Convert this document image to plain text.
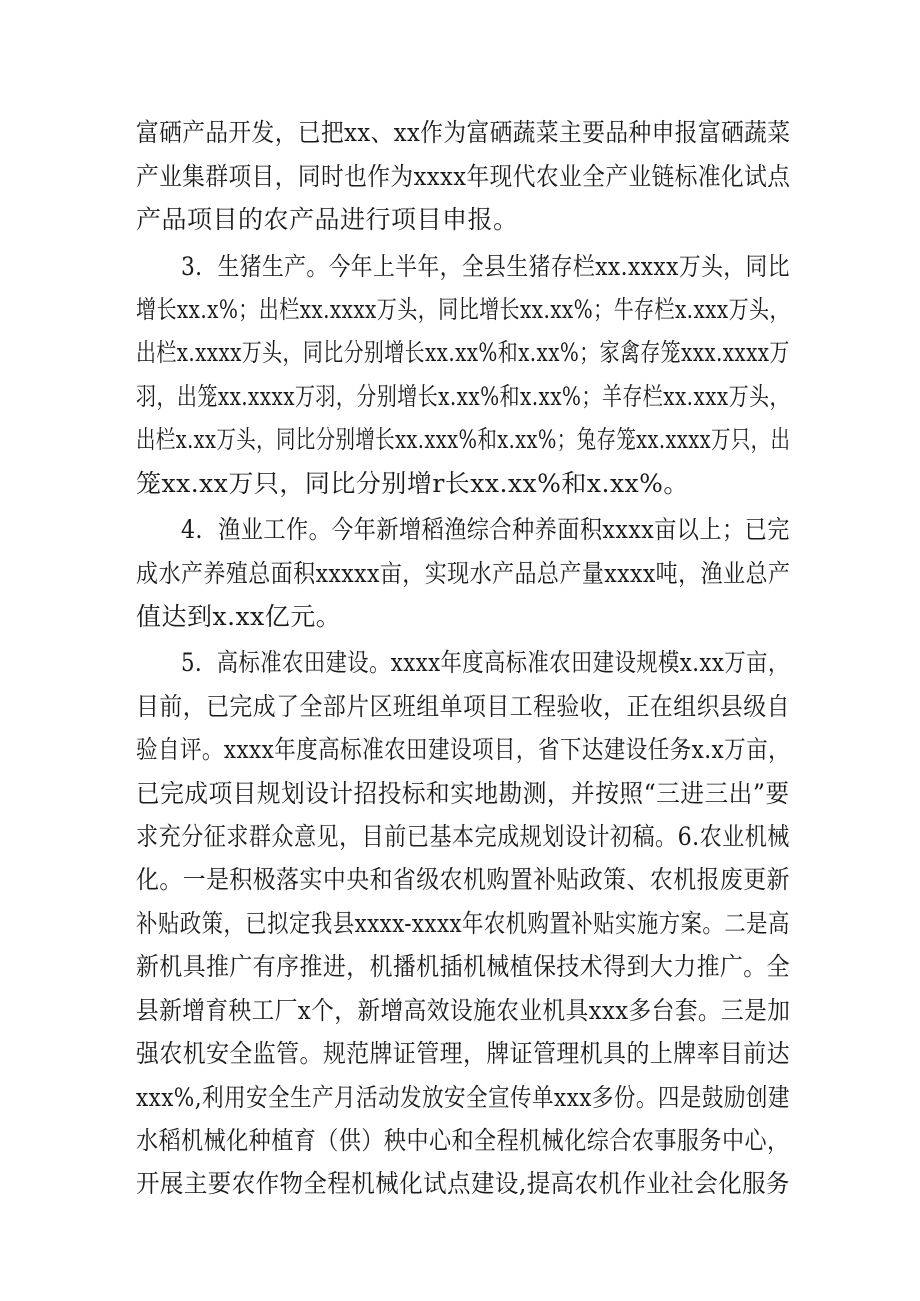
富硒产品开发，已把xx、xx作为富硒蔬菜主要品种申报富硒蔬菜
产业集群项目，同时也作为xxxx年现代农业全产业链标准化试点
产品项目的农产品进行项目申报。
3．生猪生产。今年上半年，全县生猪存栏xx.xxxx万头，同比
增长xx.x%；出栏xx.xxxx万头，同比增长xx.xx%；牛存栏x.xxx万头，
出栏x.xxxx万头，同比分别增长xx.xx%和x.xx%；家禽存笼xxx.xxxx万
羽，出笼xx.xxxx万羽，分别增长x.xx%和x.xx%；羊存栏xx.xxx万头，
出栏x.xx万头，同比分别增长xx.xxx%和x.xx%；兔存笼xx.xxxx万只，出
笼xx.xx万只，同比分别增r长xx.xx%和x.xx%。
4．渔业工作。今年新增稻渔综合种养面积xxxx亩以上；已完
成水产养殖总面积xxxxx亩，实现水产品总产量xxxx吨，渔业总产
值达到x.xx亿元。
5．高标准农田建设。xxxx年度高标准农田建设规模x.xx万亩，
目前，已完成了全部片区班组单项目工程验收，正在组织县级自
验自评。xxxx年度高标准农田建设项目，省下达建设任务x.x万亩，
已完成项目规划设计招投标和实地勘测，并按照“三进三出”要
求充分征求群众意见，目前已基本完成规划设计初稿。6.农业机械
化。一是积极落实中央和省级农机购置补贴政策、农机报废更新
补贴政策，已拟定我县xxxx-xxxx年农机购置补贴实施方案。二是高
新机具推广有序推进，机播机插机械植保技术得到大力推广。全
县新增育秧工厂x个，新增高效设施农业机具xxx多台套。三是加
强农机安全监管。规范牌证管理，牌证管理机具的上牌率目前达
xxx%,利用安全生产月活动发放安全宣传单xxx多份。四是鼓励创建
水稻机械化种植育（供）秧中心和全程机械化综合农事服务中心，
开展主要农作物全程机械化试点建设,提高农机作业社会化服务
